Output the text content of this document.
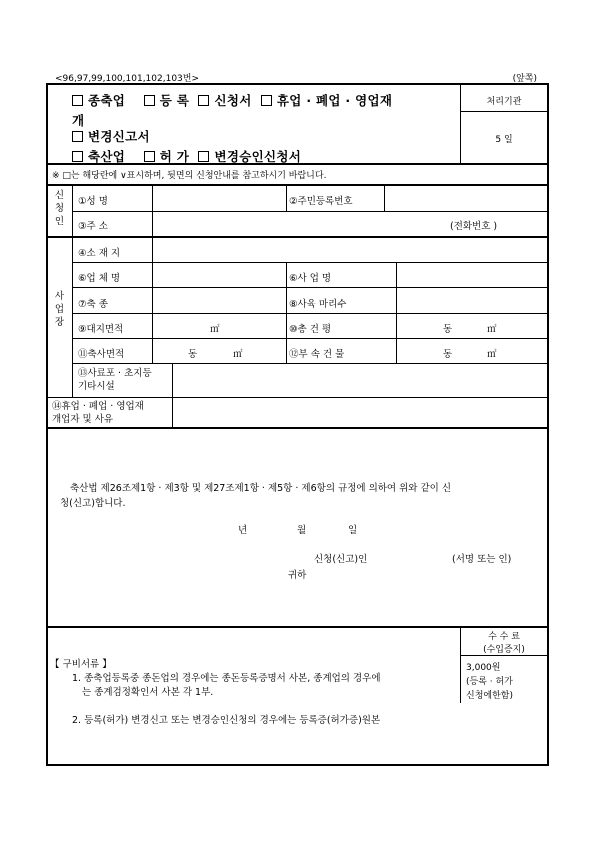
<96,97,99,100,101,102,103번>	(앞쪽)
종축업	등 록 신청서 휴업 · 폐업 · 영업재
개
변경신고서
축산업	허 가 변경승인신청서
처리기관
5 일
※ □는 해당란에 ∨표시하며, 뒷면의 신청안내를 참고하시기 바랍니다.
신
청
인
①성 명	②주민등록번호
③주 소	(전화번호 )
사
업
장
④소 재 지
⑥업 체 명	⑥사 업 명
⑦축 종	⑧사육 마리수
⑨대지면적	㎡	⑩총 건 평	동	㎡
⑪축사면적	동	㎡	⑫부 속 건 물	동	㎡
⑬사료포 · 초지등
기타시설
⑭휴업 · 폐업 · 영업재
개업자 및 사유
축산법 제26조제1항 · 제3항 및 제27조제1항 · 제5항 · 제6항의 규정에 의하여 위와 같이 신
청(신고)합니다.
년	월	일
신청(신고)인	(서명 또는 인)
귀하
수 수 료
(수입증지)
3,000원
(등록 · 허가
신청에한함)
【 구비서류 】
1. 종축업등록중 종돈업의 경우에는 종돈등록증명서 사본, 종계업의 경우에
는 종계검정확인서 사본 각 1부.
2. 등록(허가) 변경신고 또는 변경승인신청의 경우에는 등록증(허가증)원본
